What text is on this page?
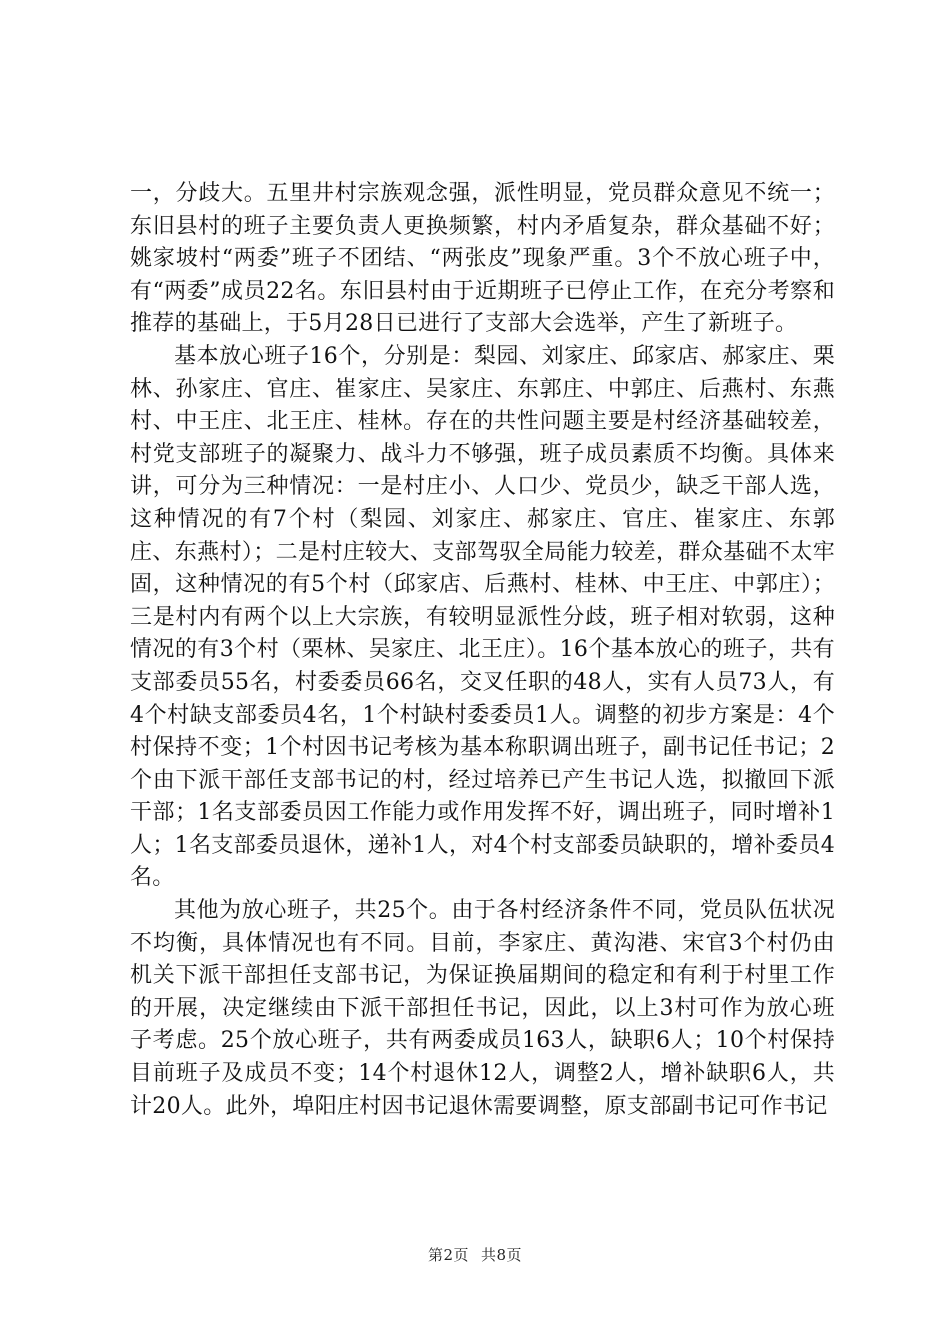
一，分歧大。五里井村宗族观念强，派性明显，党员群众意见不统一；东旧县村的班子主要负责人更换频繁，村内矛盾复杂，群众基础不好；姚家坡村“两委”班子不团结、“两张皮”现象严重。3个不放心班子中，有“两委”成员22名。东旧县村由于近期班子已停止工作，在充分考察和推荐的基础上，于5月28日已进行了支部大会选举，产生了新班子。

基本放心班子16个，分别是：梨园、刘家庄、邱家店、郝家庄、栗林、孙家庄、官庄、崔家庄、吴家庄、东郭庄、中郭庄、后燕村、东燕村、中王庄、北王庄、桂林。存在的共性问题主要是村经济基础较差，村党支部班子的凝聚力、战斗力不够强，班子成员素质不均衡。具体来讲，可分为三种情况：一是村庄小、人口少、党员少，缺乏干部人选，这种情况的有7个村（梨园、刘家庄、郝家庄、官庄、崔家庄、东郭庄、东燕村）；二是村庄较大、支部驾驭全局能力较差，群众基础不太牢固，这种情况的有5个村（邱家店、后燕村、桂林、中王庄、中郭庄）；三是村内有两个以上大宗族，有较明显派性分歧，班子相对软弱，这种情况的有3个村（栗林、吴家庄、北王庄）。16个基本放心的班子，共有支部委员55名，村委委员66名，交叉任职的48人，实有人员73人，有4个村缺支部委员4名，1个村缺村委委员1人。调整的初步方案是：4个村保持不变；1个村因书记考核为基本称职调出班子，副书记任书记；2个由下派干部任支部书记的村，经过培养已产生书记人选，拟撤回下派干部；1名支部委员因工作能力或作用发挥不好，调出班子，同时增补1人；1名支部委员退休，递补1人，对4个村支部委员缺职的，增补委员4名。

其他为放心班子，共25个。由于各村经济条件不同，党员队伍状况不均衡，具体情况也有不同。目前，李家庄、黄沟港、宋官3个村仍由机关下派干部担任支部书记，为保证换届期间的稳定和有利于村里工作的开展，决定继续由下派干部担任书记，因此，以上3村可作为放心班子考虑。25个放心班子，共有两委成员163人，缺职6人；10个村保持目前班子及成员不变；14个村退休12人，调整2人，增补缺职6人，共计20人。此外，埠阳庄村因书记退休需要调整，原支部副书记可作书记

第2页 共8页
